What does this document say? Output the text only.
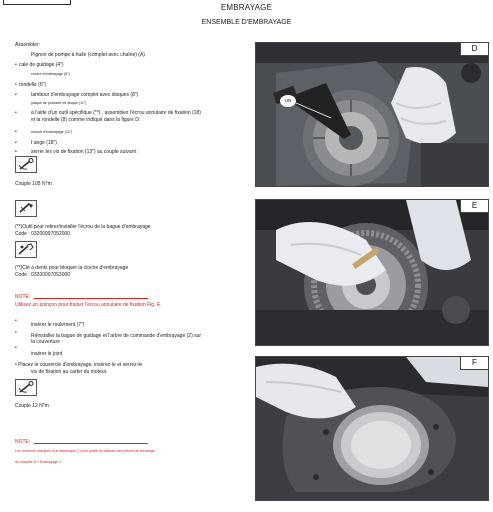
EMBRAYAGE
ENSEMBLE D'EMBRAYAGE
Assembler:
Pignon de pompe à huile (complet avec chaîne) (A)
• cale de guidage (4")
cloche d'embrayage (6")
• rondelle (6")
•	tambour d'embrayage complet avec disques (8")
plaque de poussée de disque (11")
•	à l'aide d'un outil spécifique (**) , assemblez l'écrou annulaire de fixation (18)
et la rondelle (8) comme indiqué dans la figure D.
•	ressort d'embrayage (12")
•	f ange (18")
•	serrer les vis de fixation (13") au couple suivant :
Couple 105 N°m
(**)Outil pour retirer/installer l'écrou de la bague d'embrayage
Code : 03200097052000
(**)Clé à dents pour bloquer la cloche d'embrayage
Code : 03200097053000
NOTE:
Utilisez un poinçon pour fraiser l'écrou annulaire de fixation Fig. E.
•
insérer le roulement (7")
•	Réinstaller la bague de guidage et l'arbre de commande d'embrayage (2) sur
la couverture
•
insérer le joint
• Placez le couvercle d'embrayage, insérez-le et serrez-le
vis de fixation au carter du moteur.
Couple 12 N*m
NOTE:
Les numéros marqués d'un astérisque (*) font partie du tableau des pièces de rechange
du chapitre 5 « Embrayage ».
UN
D
E
F
